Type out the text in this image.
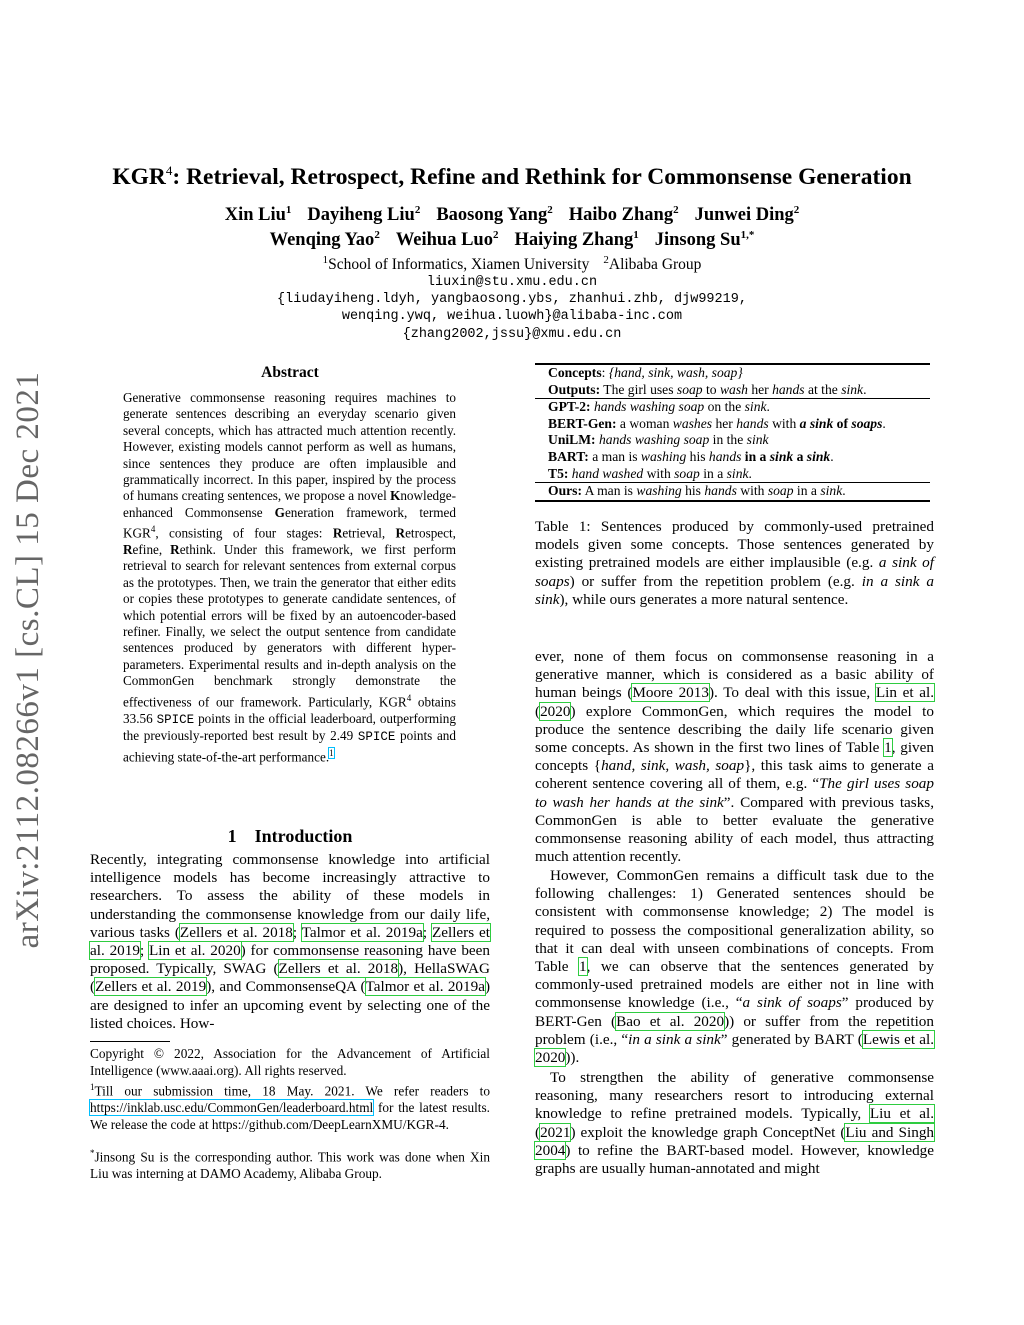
arXiv:2112.08266v1 [cs.CL] 15 Dec 2021
KGR$^4$: Retrieval, Retrospect, Refine and Rethink for Commonsense Generation
Xin Liu$^1$ Dayiheng Liu$^2$ Baosong Yang$^2$ Haibo Zhang$^2$ Junwei Ding$^2$
Wenqing Yao$^2$ Weihua Luo$^2$ Haiying Zhang$^1$ Jinsong $Su^{1,*}$
$^1$School of Informatics, Xiamen University $^2$Alibaba Group
liuxin@stu.xmu.edu.cn
{liudayiheng.ldyh, yangbaosong.ybs, zhanhui.zhb, djw99219,
wenqing.ywq, weihua.luowh}@alibaba-inc.com
{zhang2002,jssu}@xmu.edu.cn
Abstract
Generative commonsense reasoning requires machines to generate sentences describing an everyday scenario given several concepts, which has attracted much attention recently. However, existing models cannot perform as well as humans, since sentences they produce are often implausible and grammatically incorrect. In this paper, inspired by the process of humans creating sentences, we propose a novel Knowledge-enhanced Commonsense Generation framework, termed KGR$^4$, consisting of four stages: Retrieval, Retrospect, Refine, Rethink. Under this framework, we first perform retrieval to search for relevant sentences from external corpus as the prototypes. Then, we train the generator that either edits or copies these prototypes to generate candidate sentences, of which potential errors will be fixed by an autoencoder-based refiner. Finally, we select the output sentence from candidate sentences produced by generators with different hyper-parameters. Experimental results and in-depth analysis on the CommonGen benchmark strongly demonstrate the effectiveness of our framework. Particularly, KGR$^4$ obtains 33.56 SPICE points in the official leaderboard, outperforming the previously-reported best result by 2.49 SPICE points and achieving state-of-the-art performance.$^1$
1 Introduction
Recently, integrating commonsense knowledge into artificial intelligence models has become increasingly attractive to researchers. To assess the ability of these models in understanding the commonsense knowledge from our daily life, various tasks (Zellers et al. 2018; Talmor et al. 2019a; Zellers et al. 2019; Lin et al. 2020) for commonsense reasoning have been proposed. Typically, SWAG (Zellers et al. 2018), HellaSWAG (Zellers et al. 2019), and CommonsenseQA (Talmor et al. 2019a) are designed to infer an upcoming event by selecting one of the listed choices. How-
Copyright © 2022, Association for the Advancement of Artificial Intelligence (www.aaai.org). All rights reserved.
$^1$Till our submission time, 18 May. 2021. We refer readers to https://inklab.usc.edu/CommonGen/leaderboard.html for the latest results. We release the code at https://github.com/DeepLearnXMU/KGR-4.
*Jinsong Su is the corresponding author. This work was done when Xin Liu was interning at DAMO Academy, Alibaba Group.
Concepts: {hand, sink, wash, soap}
Outputs: The girl uses soap to wash her hands at the sink.
GPT-2: hands washing soap on the sink.
BERT-Gen: a woman washes her hands with a sink of soaps.
UniLM: hands washing soap in the sink
BART: a man is washing his hands in a sink a sink.
T5: hand washed with soap in a sink.
Ours: A man is washing his hands with soap in a sink.
Table 1: Sentences produced by commonly-used pretrained models given some concepts. Those sentences generated by existing pretrained models are either implausible (e.g. a sink of soaps) or suffer from the repetition problem (e.g. in a sink a sink), while ours generates a more natural sentence.
ever, none of them focus on commonsense reasoning in a generative manner, which is considered as a basic ability of human beings (Moore 2013). To deal with this issue, Lin et al. (2020) explore CommonGen, which requires the model to produce the sentence describing the daily life scenario given some concepts. As shown in the first two lines of Table 1, given concepts {hand, sink, wash, soap}, this task aims to generate a coherent sentence covering all of them, e.g. “The girl uses soap to wash her hands at the sink”. Compared with previous tasks, CommonGen is able to better evaluate the generative commonsense reasoning ability of each model, thus attracting much attention recently.
However, CommonGen remains a difficult task due to the following challenges: 1) Generated sentences should be consistent with commonsense knowledge; 2) The model is required to possess the compositional generalization ability, so that it can deal with unseen combinations of concepts. From Table 1, we can observe that the sentences generated by commonly-used pretrained models are either not in line with commonsense knowledge (i.e., “a sink of soaps” produced by BERT-Gen (Bao et al. 2020)) or suffer from the repetition problem (i.e., “in a sink a sink” generated by BART (Lewis et al. 2020)).
To strengthen the ability of generative commonsense reasoning, many researchers resort to introducing external knowledge to refine pretrained models. Typically, Liu et al. (2021) exploit the knowledge graph ConceptNet (Liu and Singh 2004) to refine the BART-based model. However, knowledge graphs are usually human-annotated and might
